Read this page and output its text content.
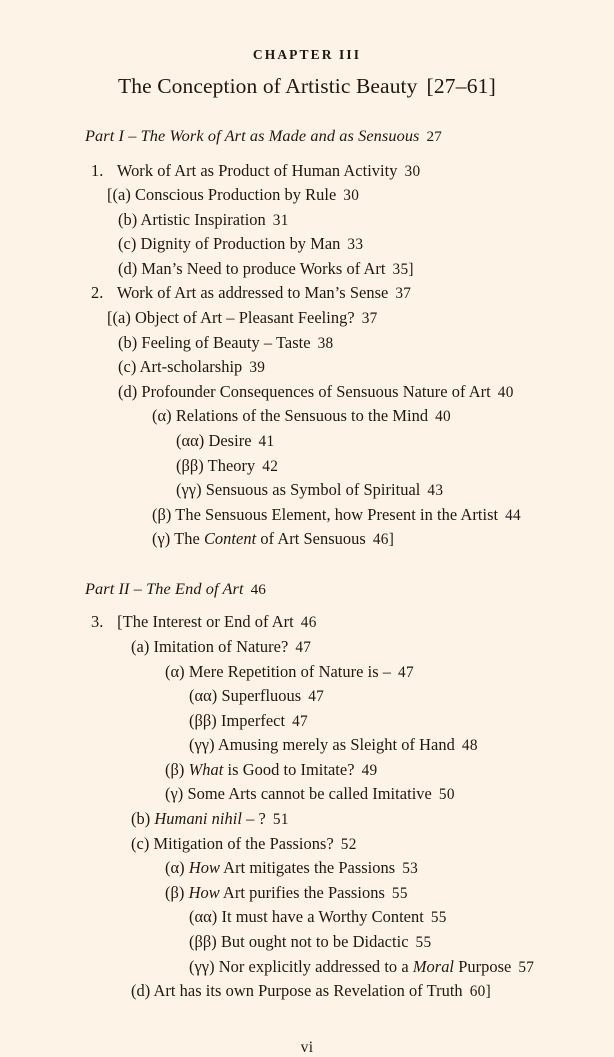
CHAPTER III
The Conception of Artistic Beauty [27–61]
Part I – The Work of Art as Made and as Sensuous 27
1. Work of Art as Product of Human Activity 30
[(a) Conscious Production by Rule 30
(b) Artistic Inspiration 31
(c) Dignity of Production by Man 33
(d) Man’s Need to produce Works of Art 35]
2. Work of Art as addressed to Man’s Sense 37
[(a) Object of Art – Pleasant Feeling? 37
(b) Feeling of Beauty – Taste 38
(c) Art-scholarship 39
(d) Profounder Consequences of Sensuous Nature of Art 40
(α) Relations of the Sensuous to the Mind 40
(αα) Desire 41
(ββ) Theory 42
(γγ) Sensuous as Symbol of Spiritual 43
(β) The Sensuous Element, how Present in the Artist 44
(γ) The Content of Art Sensuous 46]
Part II – The End of Art 46
3. [The Interest or End of Art 46
(a) Imitation of Nature? 47
(α) Mere Repetition of Nature is – 47
(αα) Superfluous 47
(ββ) Imperfect 47
(γγ) Amusing merely as Sleight of Hand 48
(β) What is Good to Imitate? 49
(γ) Some Arts cannot be called Imitative 50
(b) Humani nihil – ? 51
(c) Mitigation of the Passions? 52
(α) How Art mitigates the Passions 53
(β) How Art purifies the Passions 55
(αα) It must have a Worthy Content 55
(ββ) But ought not to be Didactic 55
(γγ) Nor explicitly addressed to a Moral Purpose 57
(d) Art has its own Purpose as Revelation of Truth 60]
vi
